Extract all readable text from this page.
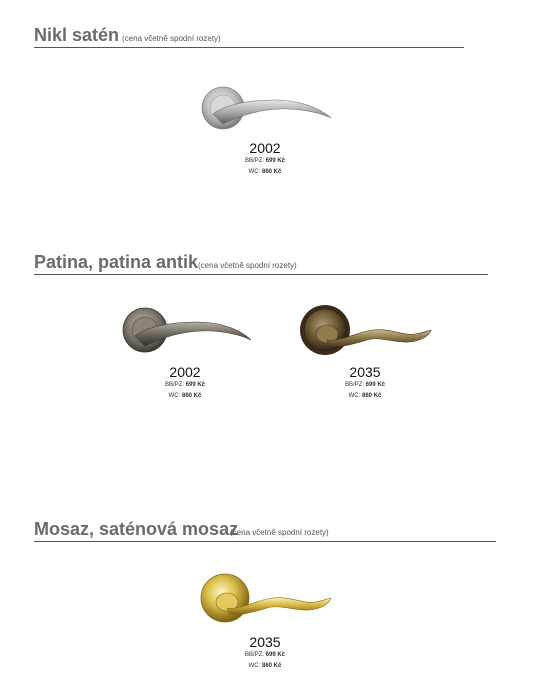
Nikl satén (cena včetně spodní rozety)
2002
BB/PZ: 699 Kč
WC: 860 Kč
Patina, patina antik (cena včetně spodní rozety)
2002
BB/PZ: 699 Kč
WC: 860 Kč
2035
BB/PZ: 699 Kč
WC: 860 Kč
Mosaz, saténová mosaz
(cena včetně spodní rozety)
2035
BB/PZ: 699 Kč
WC: 860 Kč
